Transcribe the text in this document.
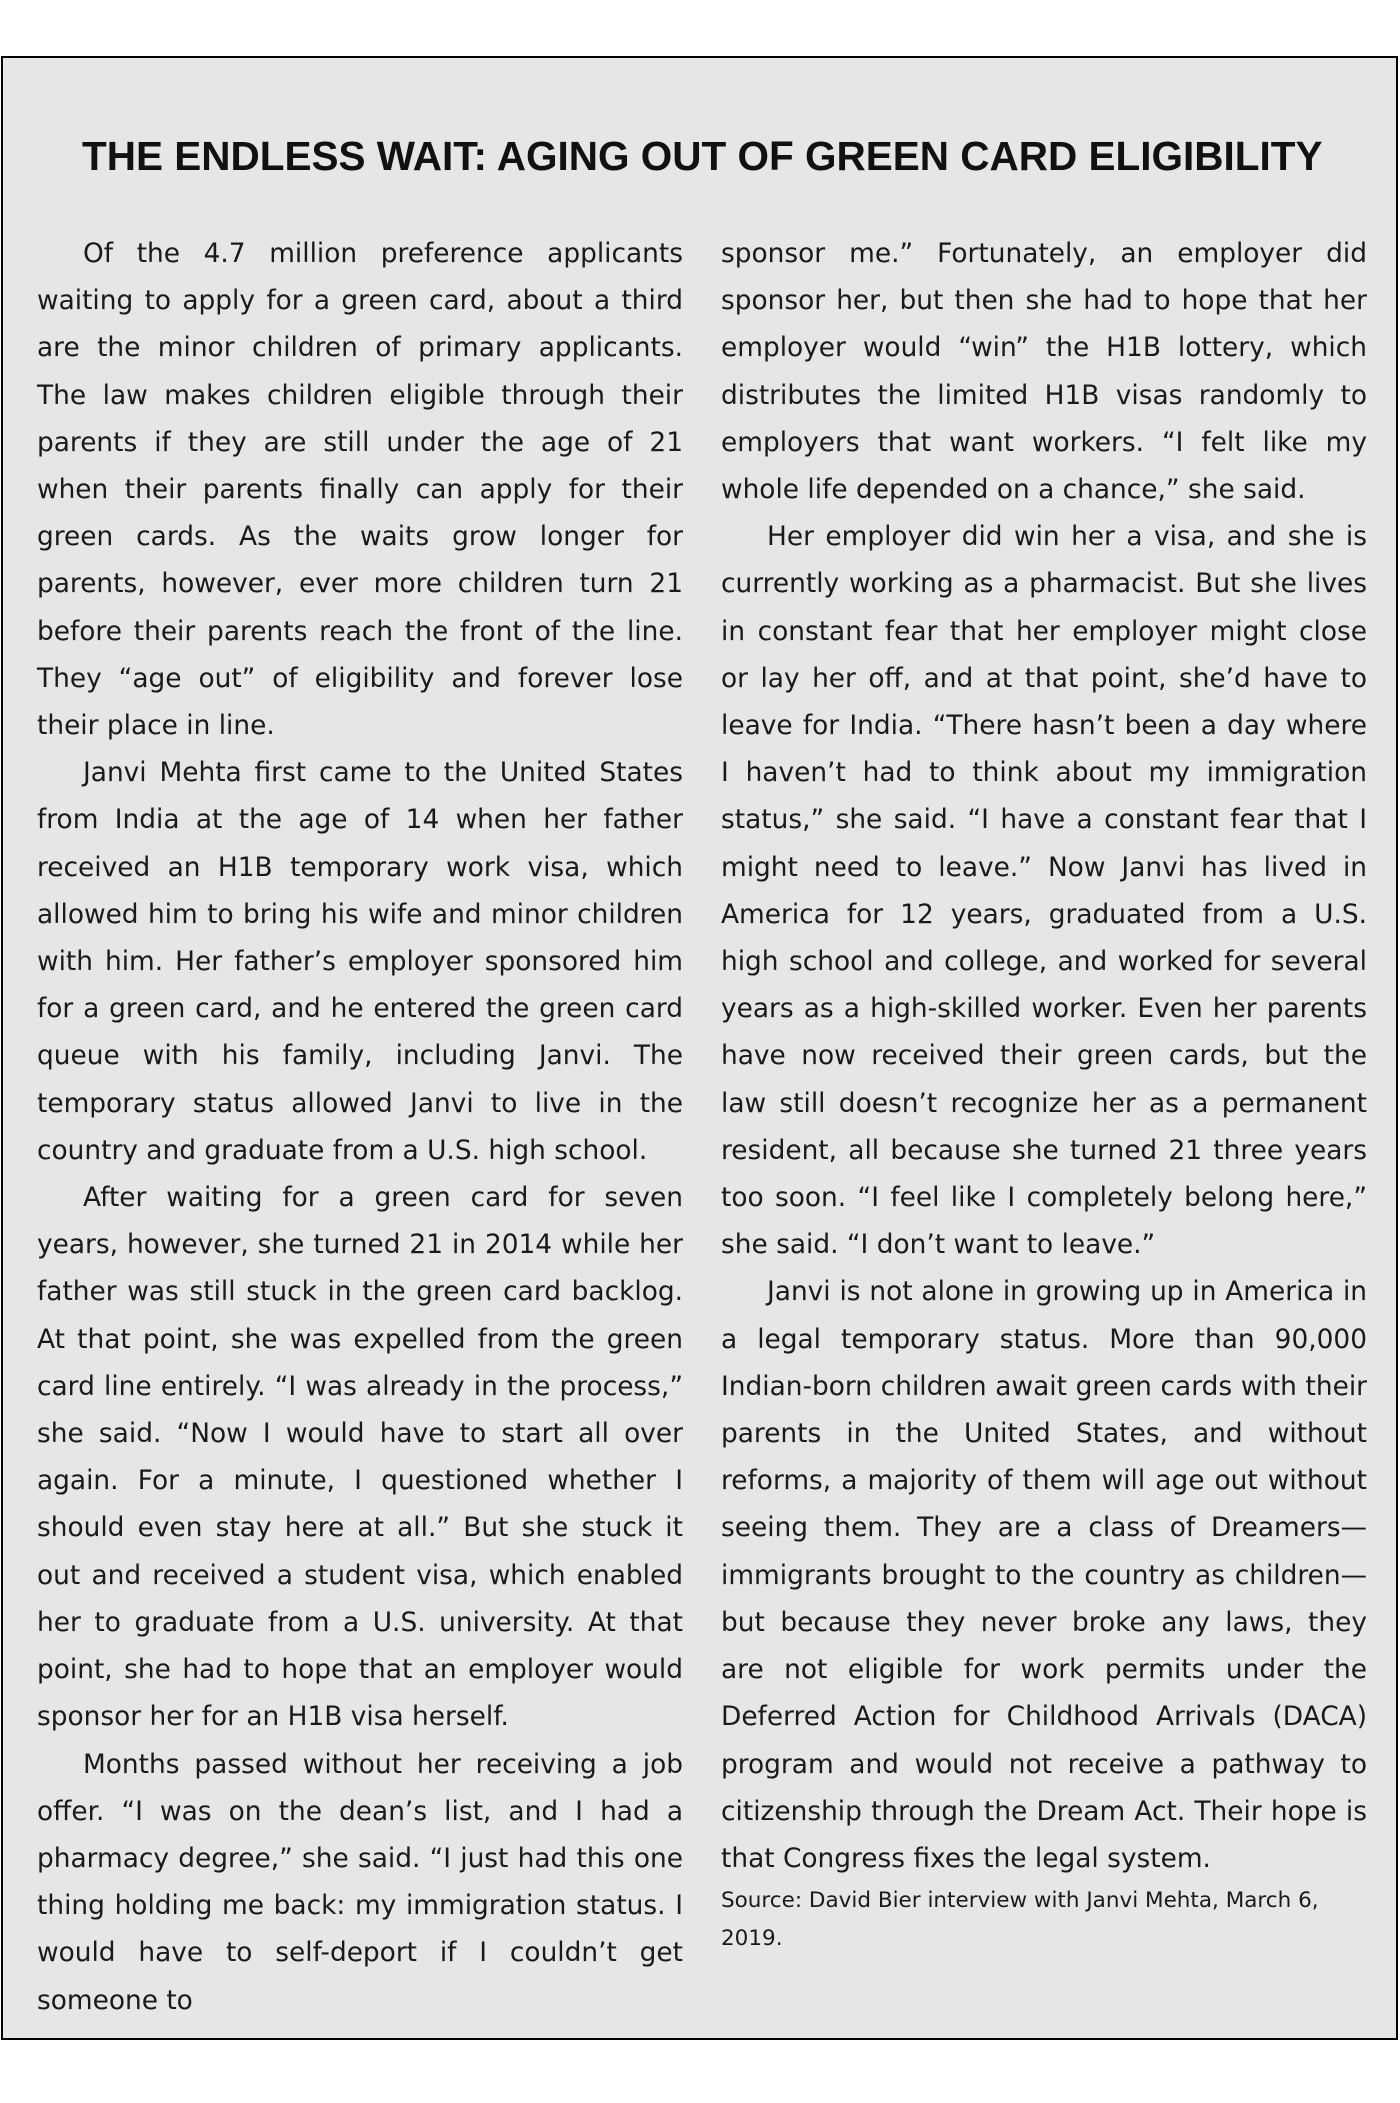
THE ENDLESS WAIT: AGING OUT OF GREEN CARD ELIGIBILITY

Of the 4.7 million preference applicants waiting to apply for a green card, about a third are the minor children of primary applicants. The law makes children eligible through their parents if they are still under the age of 21 when their parents finally can apply for their green cards. As the waits grow longer for parents, however, ever more children turn 21 before their parents reach the front of the line. They “age out” of eligibility and forever lose their place in line.

Janvi Mehta first came to the United States from India at the age of 14 when her father received an H1B temporary work visa, which allowed him to bring his wife and minor children with him. Her father’s employer sponsored him for a green card, and he entered the green card queue with his family, including Janvi. The temporary status allowed Janvi to live in the country and graduate from a U.S. high school.

After waiting for a green card for seven years, however, she turned 21 in 2014 while her father was still stuck in the green card backlog. At that point, she was expelled from the green card line entirely. “I was already in the process,” she said. “Now I would have to start all over again. For a minute, I questioned whether I should even stay here at all.” But she stuck it out and received a student visa, which enabled her to graduate from a U.S. university. At that point, she had to hope that an employer would sponsor her for an H1B visa herself.

Months passed without her receiving a job offer. “I was on the dean’s list, and I had a pharmacy degree,” she said. “I just had this one thing holding me back: my immigration status. I would have to self-deport if I couldn’t get someone to

sponsor me.” Fortunately, an employer did sponsor her, but then she had to hope that her employer would “win” the H1B lottery, which distributes the limited H1B visas randomly to employers that want workers. “I felt like my whole life depended on a chance,” she said.

Her employer did win her a visa, and she is currently working as a pharmacist. But she lives in constant fear that her employer might close or lay her off, and at that point, she’d have to leave for India. “There hasn’t been a day where I haven’t had to think about my immigration status,” she said. “I have a constant fear that I might need to leave.” Now Janvi has lived in America for 12 years, graduated from a U.S. high school and college, and worked for several years as a high-skilled worker. Even her parents have now received their green cards, but the law still doesn’t recognize her as a permanent resident, all because she turned 21 three years too soon. “I feel like I completely belong here,” she said. “I don’t want to leave.”

Janvi is not alone in growing up in America in a legal temporary status. More than 90,000 Indian-born children await green cards with their parents in the United States, and without reforms, a majority of them will age out without seeing them. They are a class of Dreamers—immigrants brought to the country as children—but because they never broke any laws, they are not eligible for work permits under the Deferred Action for Childhood Arrivals (DACA) program and would not receive a pathway to citizenship through the Dream Act. Their hope is that Congress fixes the legal system.

Source: David Bier interview with Janvi Mehta, March 6, 2019.
